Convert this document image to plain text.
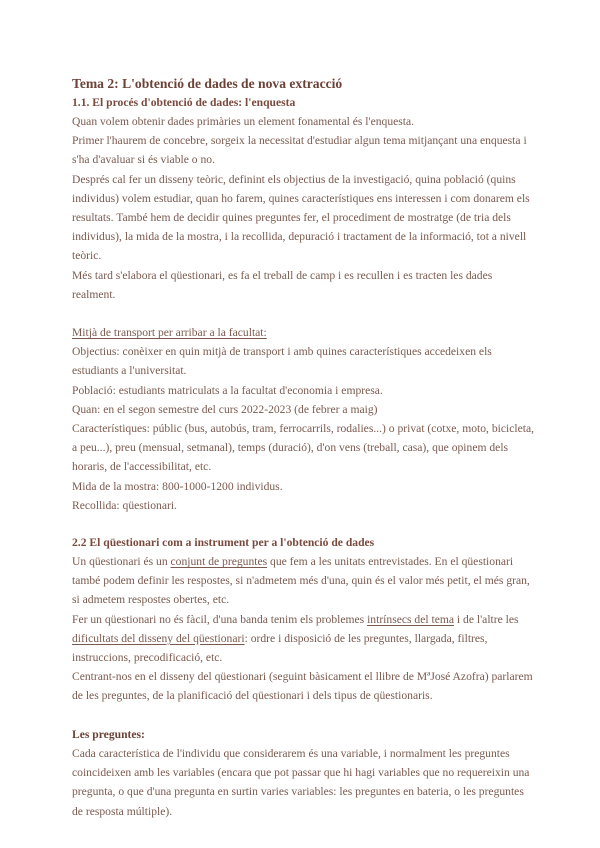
Tema 2: L'obtenció de dades de nova extracció
1.1. El procés d'obtenció de dades: l'enquesta

Quan volem obtenir dades primàries un element fonamental és l'enquesta.

Primer l'haurem de concebre, sorgeix la necessitat d'estudiar algun tema mitjançant una enquesta i s'ha d'avaluar si és viable o no.

Després cal fer un disseny teòric, definint els objectius de la investigació, quina població (quins individus) volem estudiar, quan ho farem, quines característiques ens interessen i com donarem els resultats. També hem de decidir quines preguntes fer, el procediment de mostratge (de tria dels individus), la mida de la mostra, i la recollida, depuració i tractament de la informació, tot a nivell teòric.

Més tard s'elabora el qüestionari, es fa el treball de camp i es recullen i es tracten les dades realment.

Mitjà de transport per arribar a la facultat:

Objectius: conèixer en quin mitjà de transport i amb quines característiques accedeixen els estudiants a l'universitat.

Població: estudiants matriculats a la facultat d'economia i empresa.

Quan: en el segon semestre del curs 2022-2023 (de febrer a maig)

Característiques: públic (bus, autobús, tram, ferrocarrils, rodalies...) o privat (cotxe, moto, bicicleta, a peu...), preu (mensual, setmanal), temps (duració), d'on vens (treball, casa), que opinem dels horaris, de l'accessibilitat, etc.

Mida de la mostra: 800-1000-1200 individus.

Recollida: qüestionari.

2.2 El qüestionari com a instrument per a l'obtenció de dades

Un qüestionari és un conjunt de preguntes que fem a les unitats entrevistades. En el qüestionari també podem definir les respostes, si n'admetem més d'una, quin és el valor més petit, el més gran, si admetem respostes obertes, etc.

Fer un qüestionari no és fàcil, d'una banda tenim els problemes intrínsecs del tema i de l'altre les dificultats del disseny del qüestionari: ordre i disposició de les preguntes, llargada, filtres, instruccions, precodificació, etc.

Centrant-nos en el disseny del qüestionari (seguint bàsicament el llibre de MªJosé Azofra) parlarem de les preguntes, de la planificació del qüestionari i dels tipus de qüestionaris.

Les preguntes:

Cada característica de l'individu que considerarem és una variable, i normalment les preguntes coincideixen amb les variables (encara que pot passar que hi hagi variables que no requereixin una pregunta, o que d'una pregunta en surtin varies variables: les preguntes en bateria, o les preguntes de resposta múltiple).
